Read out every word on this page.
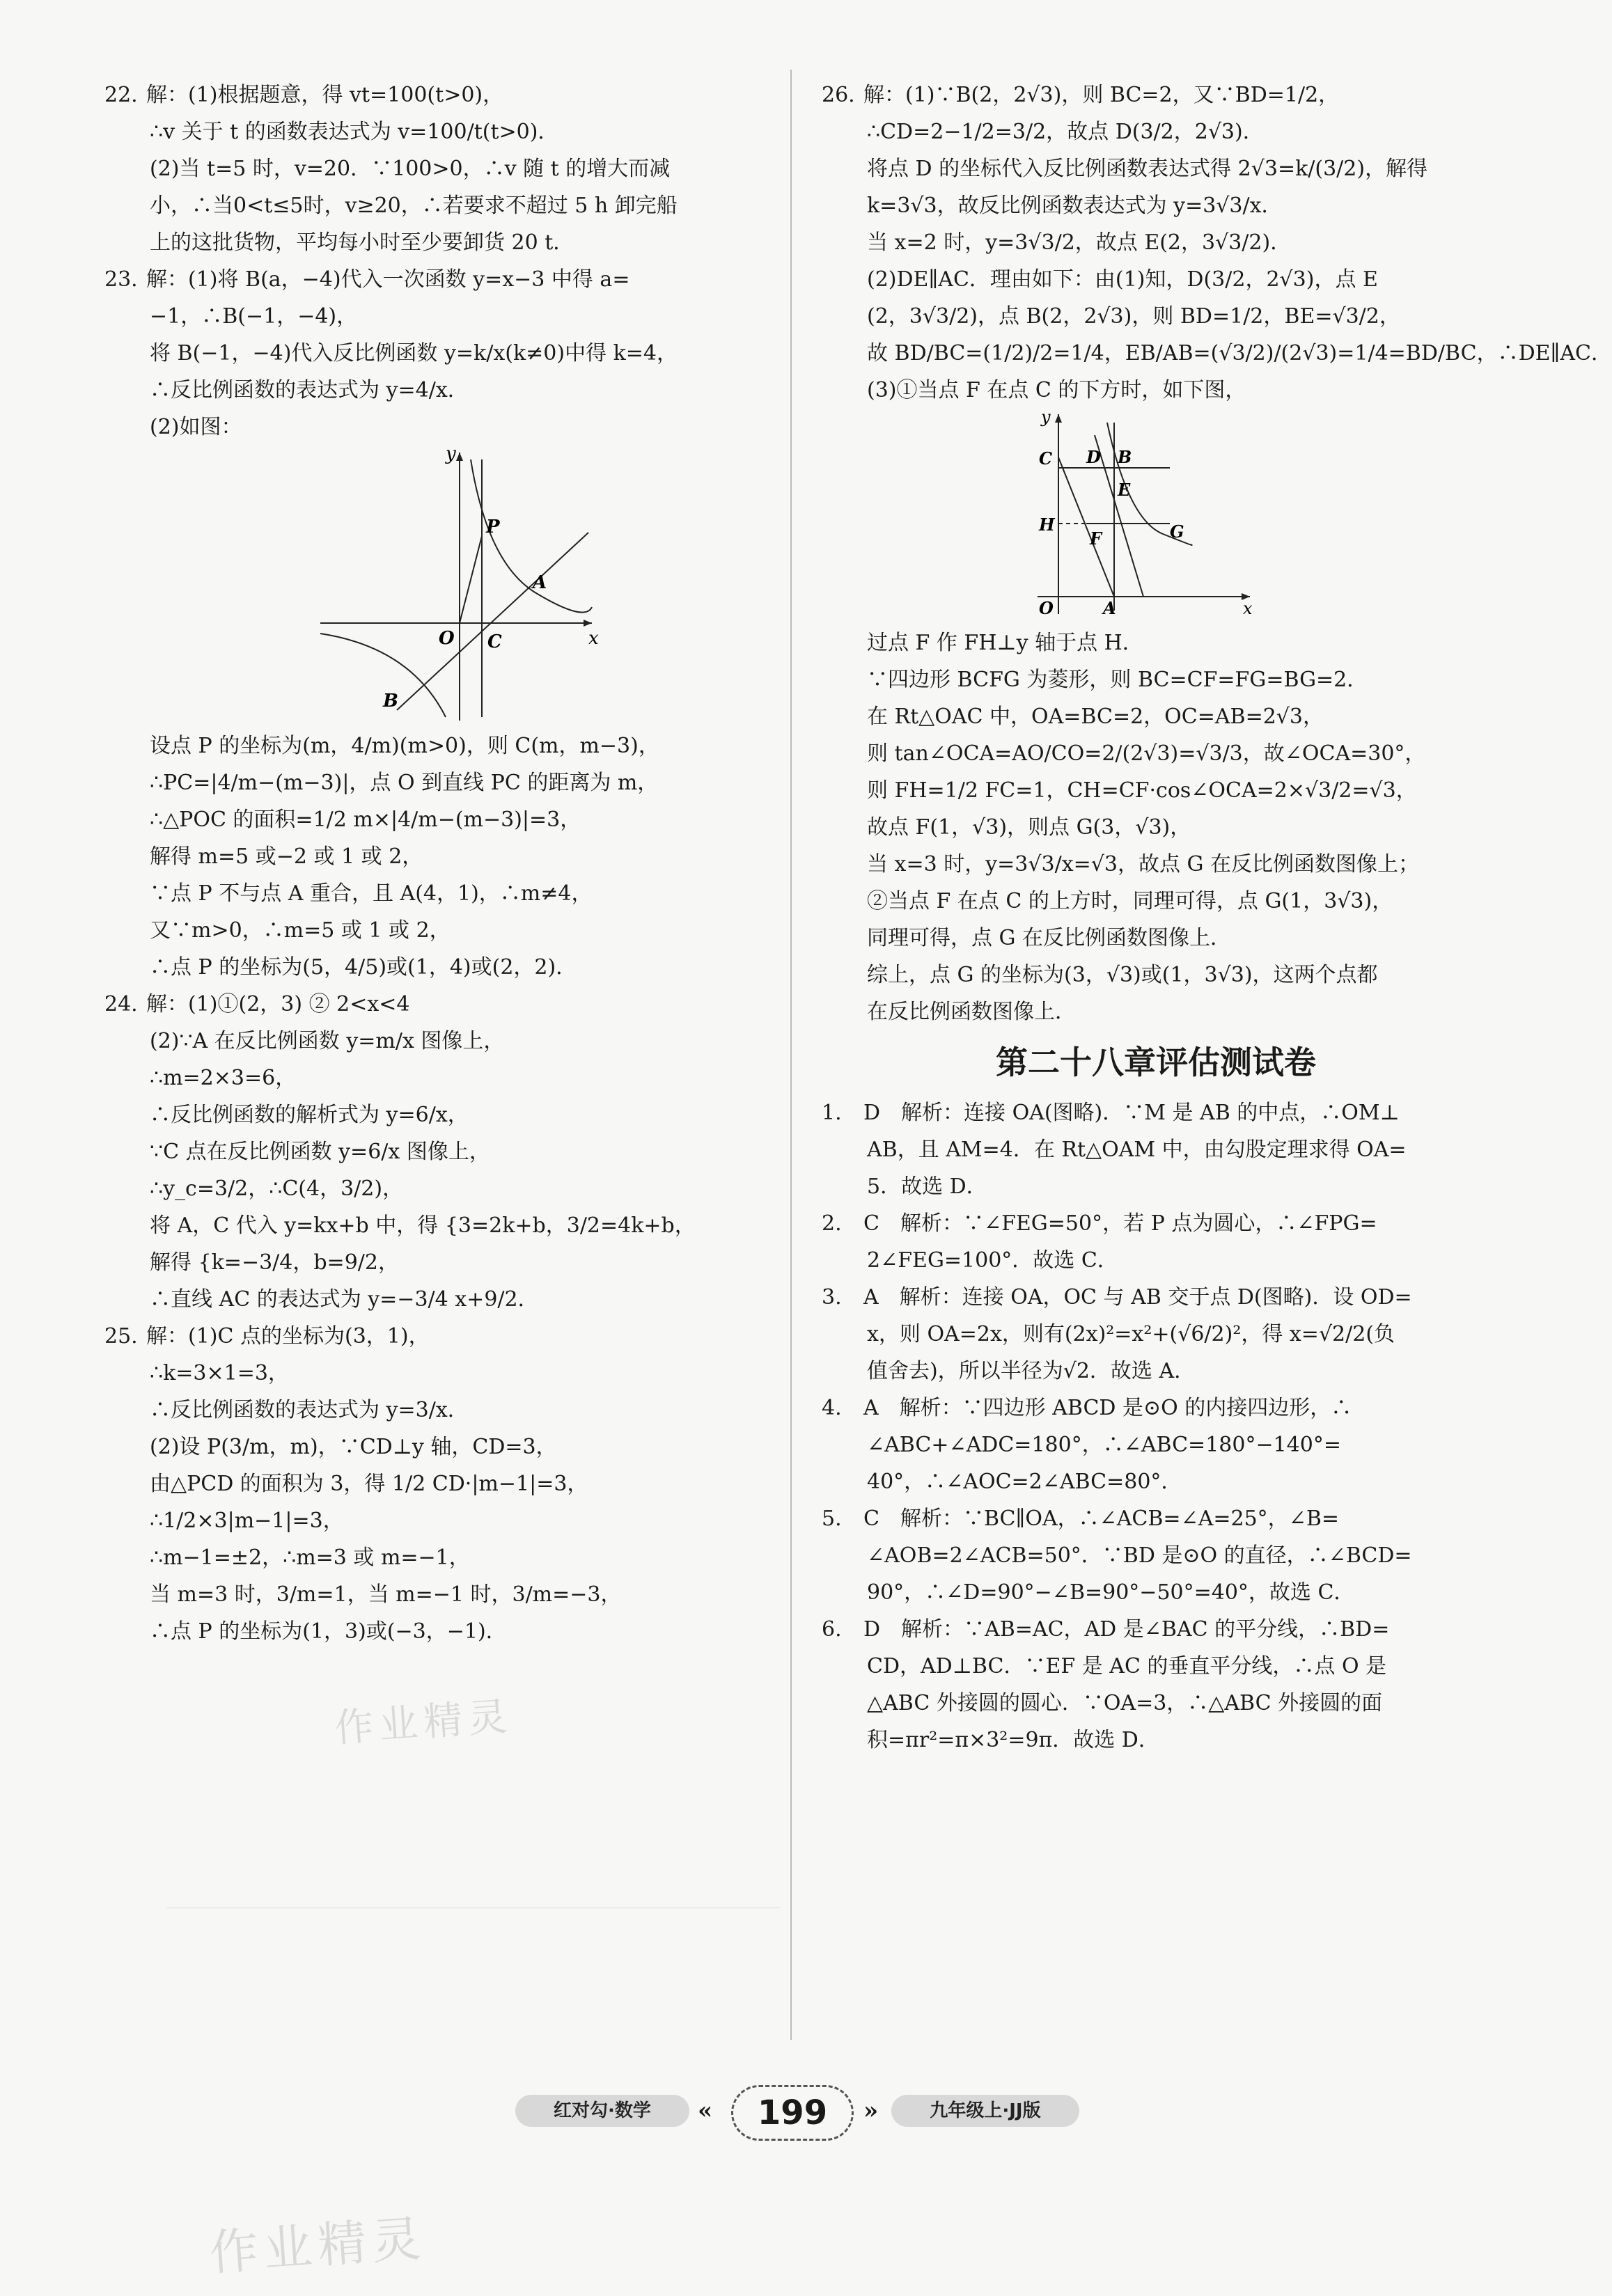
22. 解：(1)根据题意，得 vt=100(t>0)，
∴v 关于 t 的函数表达式为 v=100/t(t>0)．
(2)当 t=5 时，v=20．∵100>0，∴v 随 t 的增大而减
小，∴当0<t≤5时，v≥20，∴若要求不超过 5 h 卸完船
上的这批货物，平均每小时至少要卸货 20 t．
23. 解：(1)将 B(a，−4)代入一次函数 y=x−3 中得 a=
−1，∴B(−1，−4)，
将 B(−1，−4)代入反比例函数 y=k/x(k≠0)中得 k=4，
∴反比例函数的表达式为 y=4/x．
(2)如图：
y
x
O
P
A
C
B
设点 P 的坐标为(m，4/m)(m>0)，则 C(m，m−3)，
∴PC=|4/m−(m−3)|，点 O 到直线 PC 的距离为 m，
∴△POC 的面积=1/2 m×|4/m−(m−3)|=3，
解得 m=5 或−2 或 1 或 2，
∵点 P 不与点 A 重合，且 A(4，1)，∴m≠4，
又∵m>0，∴m=5 或 1 或 2，
∴点 P 的坐标为(5，4/5)或(1，4)或(2，2)．
24. 解：(1)①(2，3) ② 2<x<4
(2)∵A 在反比例函数 y=m/x 图像上，
∴m=2×3=6，
∴反比例函数的解析式为 y=6/x，
∵C 点在反比例函数 y=6/x 图像上，
∴y_c=3/2，∴C(4，3/2)，
将 A，C 代入 y=kx+b 中，得 {3=2k+b，3/2=4k+b，
解得 {k=−3/4，b=9/2，
∴直线 AC 的表达式为 y=−3/4 x+9/2．
25. 解：(1)C 点的坐标为(3，1)，
∴k=3×1=3，
∴反比例函数的表达式为 y=3/x．
(2)设 P(3/m，m)，∵CD⊥y 轴，CD=3，
由△PCD 的面积为 3，得 1/2 CD·|m−1|=3，
∴1/2×3|m−1|=3，
∴m−1=±2，∴m=3 或 m=−1，
当 m=3 时，3/m=1，当 m=−1 时，3/m=−3，
∴点 P 的坐标为(1，3)或(−3，−1)．
26. 解：(1)∵B(2，2√3)，则 BC=2，又∵BD=1/2，
∴CD=2−1/2=3/2，故点 D(3/2，2√3)．
将点 D 的坐标代入反比例函数表达式得 2√3=k/(3/2)，解得
k=3√3，故反比例函数表达式为 y=3√3/x．
当 x=2 时，y=3√3/2，故点 E(2，3√3/2)．
(2)DE∥AC．理由如下：由(1)知，D(3/2，2√3)，点 E
(2，3√3/2)，点 B(2，2√3)，则 BD=1/2，BE=√3/2，
故 BD/BC=(1/2)/2=1/4，EB/AB=(√3/2)/(2√3)=1/4=BD/BC，∴DE∥AC．
(3)①当点 F 在点 C 的下方时，如下图，
y
x
O	A
C D B
E
G
H
F
过点 F 作 FH⊥y 轴于点 H．
∵四边形 BCFG 为菱形，则 BC=CF=FG=BG=2．
在 Rt△OAC 中，OA=BC=2，OC=AB=2√3，
则 tan∠OCA=AO/CO=2/(2√3)=√3/3，故∠OCA=30°，
则 FH=1/2 FC=1，CH=CF·cos∠OCA=2×√3/2=√3，
故点 F(1，√3)，则点 G(3，√3)，
当 x=3 时，y=3√3/x=√3，故点 G 在反比例函数图像上；
②当点 F 在点 C 的上方时，同理可得，点 G(1，3√3)，
同理可得，点 G 在反比例函数图像上．
综上，点 G 的坐标为(3，√3)或(1，3√3)，这两个点都
在反比例函数图像上．
第二十八章评估测试卷
1. D　解析：连接 OA(图略)．∵M 是 AB 的中点，∴OM⊥
AB，且 AM=4．在 Rt△OAM 中，由勾股定理求得 OA=
5．故选 D．
2. C　解析：∵∠FEG=50°，若 P 点为圆心，∴∠FPG=
2∠FEG=100°．故选 C．
3. A　解析：连接 OA，OC 与 AB 交于点 D(图略)．设 OD=
x，则 OA=2x，则有(2x)²=x²+(√6/2)²，得 x=√2/2(负
值舍去)，所以半径为√2．故选 A．
4. A　解析：∵四边形 ABCD 是⊙O 的内接四边形，∴
∠ABC+∠ADC=180°，∴∠ABC=180°−140°=
40°，∴∠AOC=2∠ABC=80°．
5. C　解析：∵BC∥OA，∴∠ACB=∠A=25°，∠B=
∠AOB=2∠ACB=50°．∵BD 是⊙O 的直径，∴∠BCD=
90°，∴∠D=90°−∠B=90°−50°=40°，故选 C．
6. D　解析：∵AB=AC，AD 是∠BAC 的平分线，∴BD=
CD，AD⊥BC．∵EF 是 AC 的垂直平分线，∴点 O 是
△ABC 外接圆的圆心．∵OA=3，∴△ABC 外接圆的面
积=πr²=π×3²=9π．故选 D．
红对勾·数学	«	199	»	九年级上·JJ版
作业精灵
作业精灵
